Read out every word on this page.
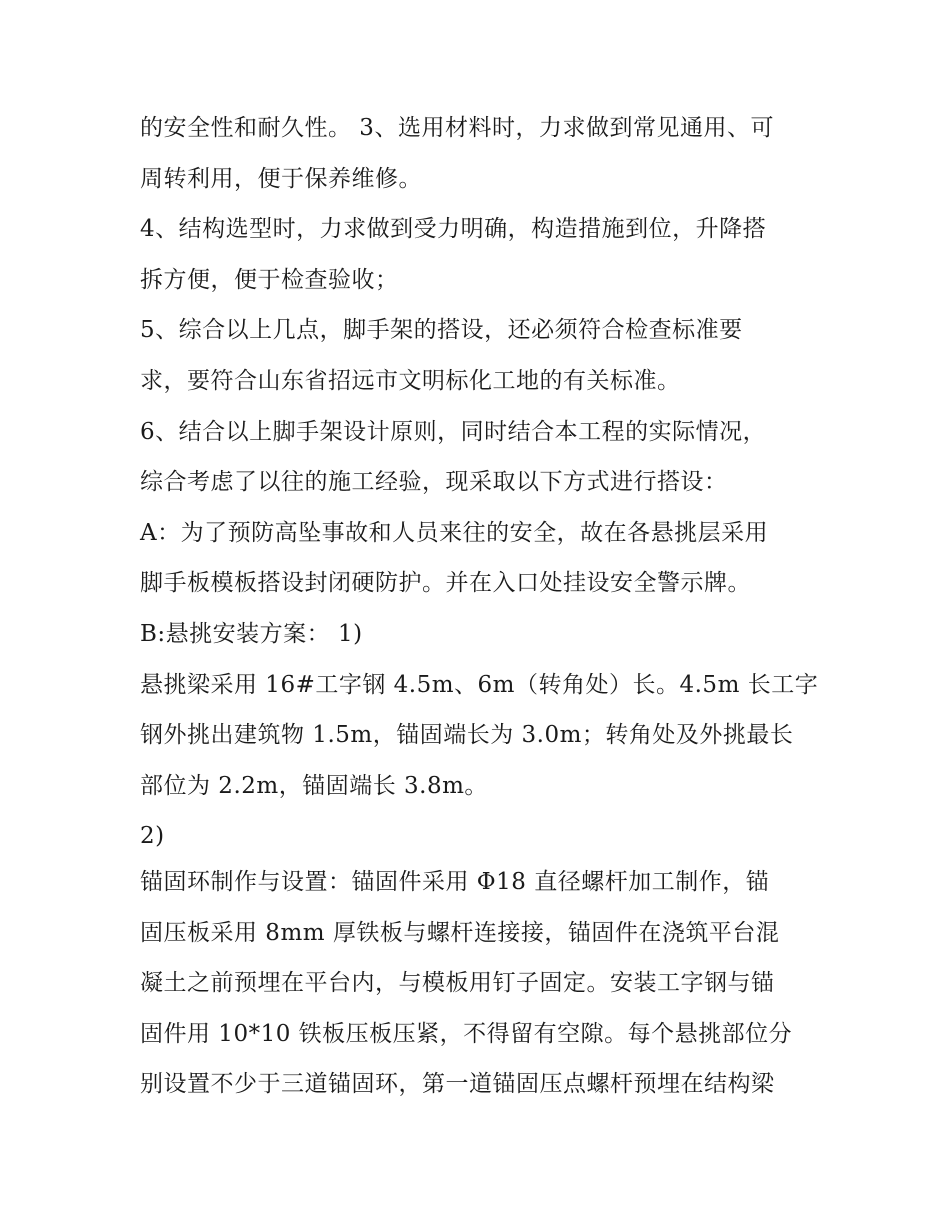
的安全性和耐久性。 3、选用材料时，力求做到常见通用、可
周转利用，便于保养维修。
4、结构选型时，力求做到受力明确，构造措施到位，升降搭
拆方便，便于检查验收；
5、综合以上几点，脚手架的搭设，还必须符合检查标准要
求，要符合山东省招远市文明标化工地的有关标准。
6、结合以上脚手架设计原则，同时结合本工程的实际情况，
综合考虑了以往的施工经验，现采取以下方式进行搭设：
A：为了预防高坠事故和人员来往的安全，故在各悬挑层采用
脚手板模板搭设封闭硬防护。并在入口处挂设安全警示牌。
B:悬挑安装方案： 1)
悬挑梁采用 16#工字钢 4.5m、6m（转角处）长。4.5m 长工字
钢外挑出建筑物 1.5m，锚固端长为 3.0m；转角处及外挑最长
部位为 2.2m，锚固端长 3.8m。
2)
锚固环制作与设置：锚固件采用 Φ18 直径螺杆加工制作，锚
固压板采用 8mm 厚铁板与螺杆连接接，锚固件在浇筑平台混
凝土之前预埋在平台内，与模板用钉子固定。安装工字钢与锚
固件用 10*10 铁板压板压紧，不得留有空隙。每个悬挑部位分
别设置不少于三道锚固环，第一道锚固压点螺杆预埋在结构梁
